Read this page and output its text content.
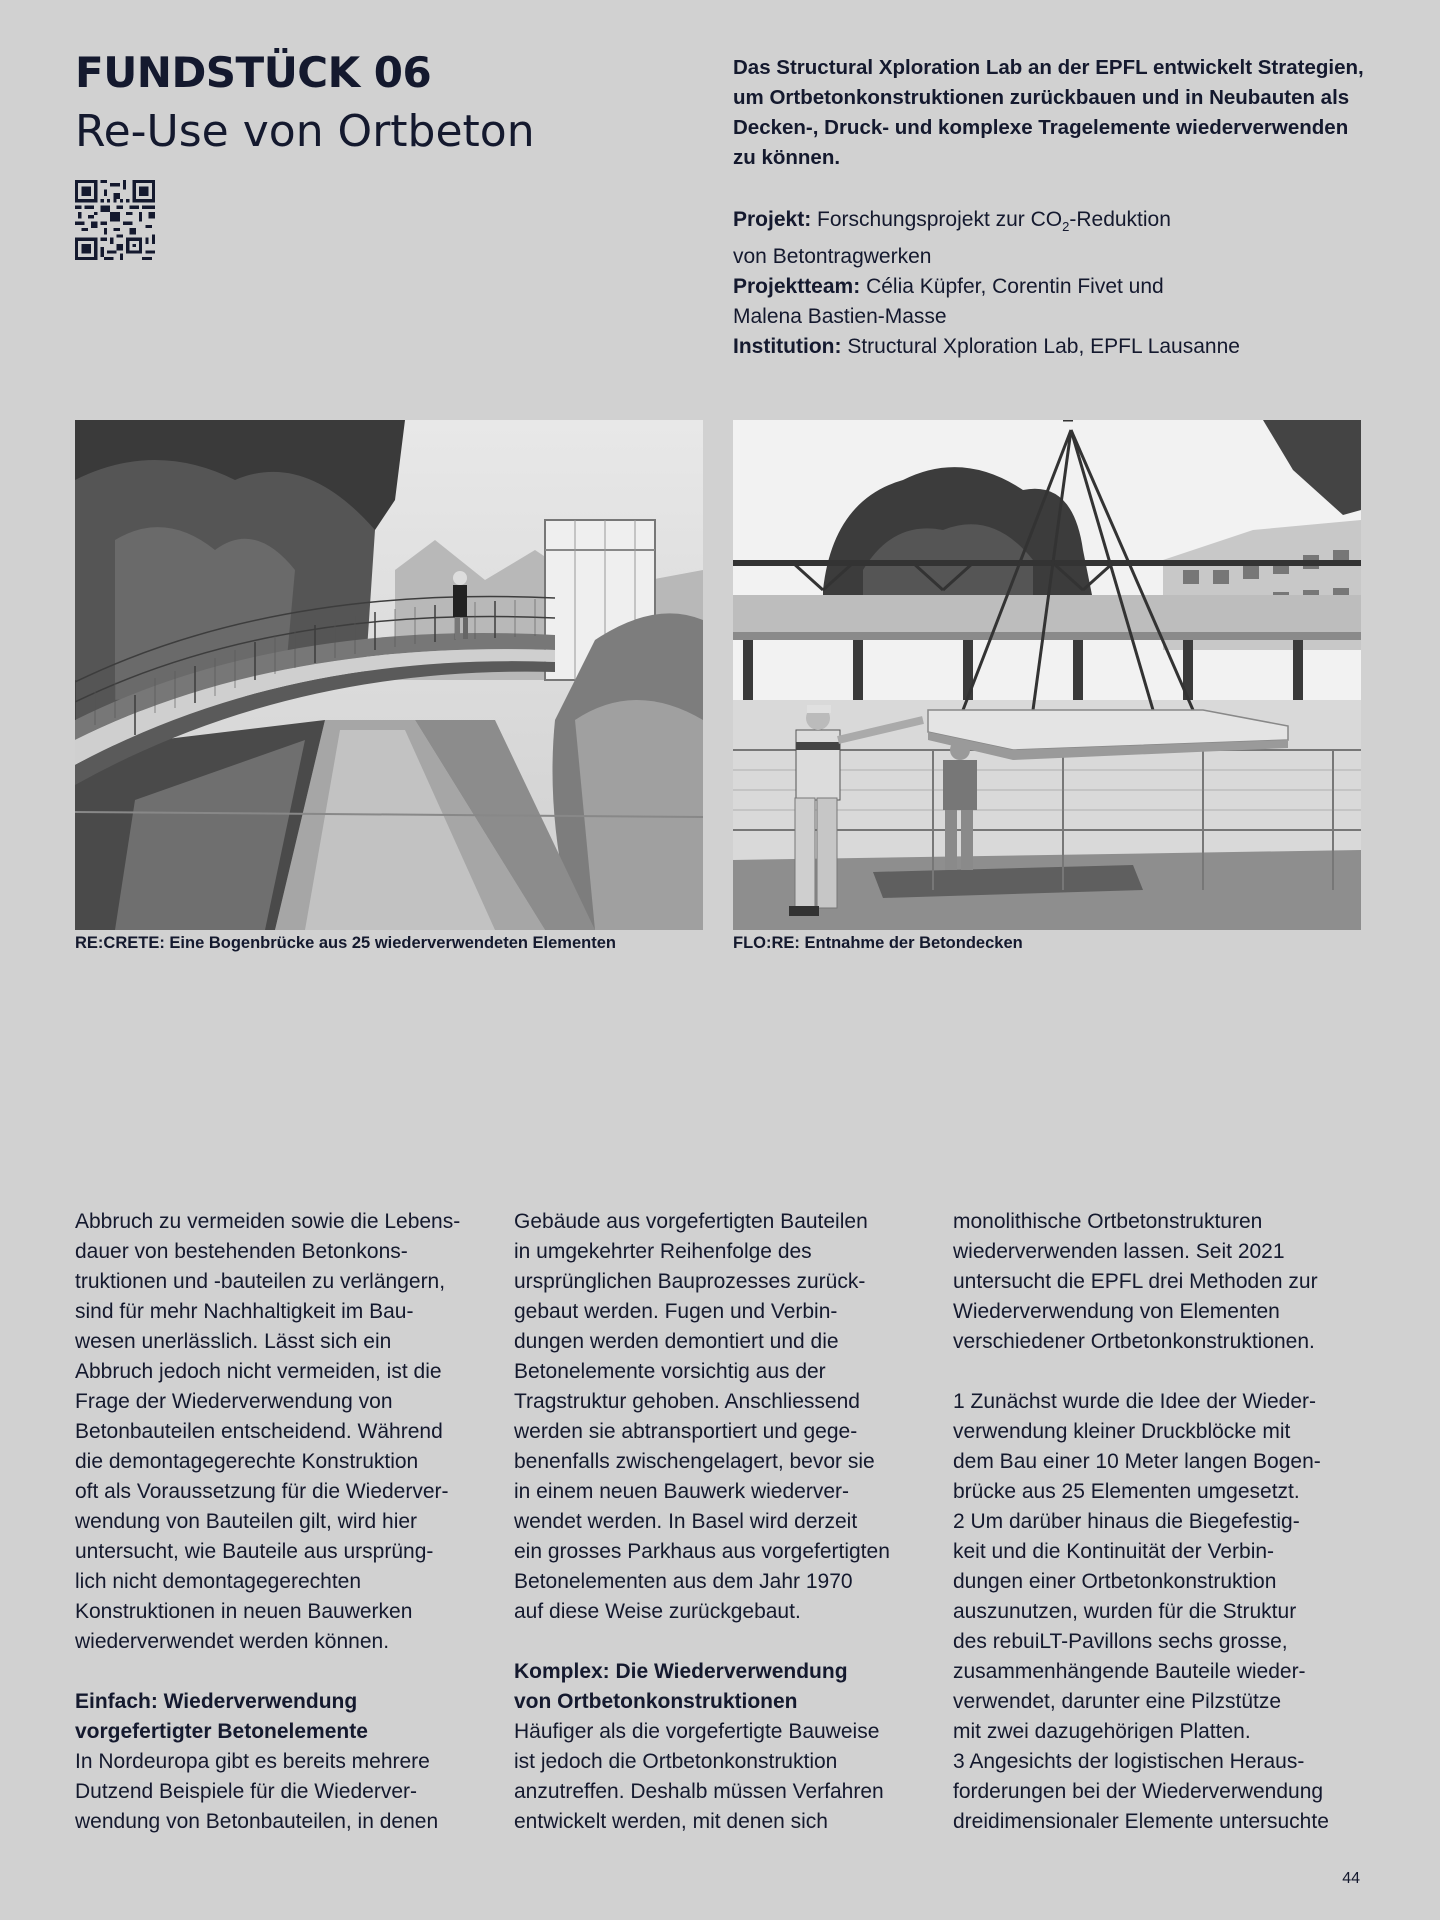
FUNDSTÜCK 06
Re-Use von Ortbeton

Das Structural Xploration Lab an der EPFL entwickelt Strategien, um Ortbetonkonstruktionen zurückbauen und in Neubauten als Decken-, Druck- und komplexe Tragelemente wiederverwenden zu können.

Projekt: Forschungsprojekt zur $CO_2$-Reduktion
von Betontragwerken
Projektteam: Célia Küpfer, Corentin Fivet und
Malena Bastien-Masse
Institution: Structural Xploration Lab, EPFL Lausanne

RE:CRETE: Eine Bogenbrücke aus 25 wiederverwendeten Elementen	FLO:RE: Entnahme der Betondecken

Abbruch zu vermeiden sowie die Lebens-
dauer von bestehenden Betonkons-
truktionen und -bauteilen zu verlängern,
sind für mehr Nachhaltigkeit im Bau-
wesen unerlässlich. Lässt sich ein
Abbruch jedoch nicht vermeiden, ist die
Frage der Wiederverwendung von
Betonbauteilen entscheidend. Während
die demontagegerechte Konstruktion
oft als Voraussetzung für die Wiederver-
wendung von Bauteilen gilt, wird hier
untersucht, wie Bauteile aus ursprüng-
lich nicht demontagegerechten
Konstruktionen in neuen Bauwerken
wiederverwendet werden können.
Einfach: Wiederverwendung
vorgefertigter Betonelemente
In Nordeuropa gibt es bereits mehrere
Dutzend Beispiele für die Wiederver-
wendung von Betonbauteilen, in denen
Gebäude aus vorgefertigten Bauteilen
in umgekehrter Reihenfolge des
ursprünglichen Bauprozesses zurück-
gebaut werden. Fugen und Verbin-
dungen werden demontiert und die
Betonelemente vorsichtig aus der
Tragstruktur gehoben. Anschliessend
werden sie abtransportiert und gege-
benenfalls zwischengelagert, bevor sie
in einem neuen Bauwerk wiederver-
wendet werden. In Basel wird derzeit
ein grosses Parkhaus aus vorgefertigten
Betonelementen aus dem Jahr 1970
auf diese Weise zurückgebaut.
Komplex: Die Wiederverwendung
von Ortbetonkonstruktionen
Häufiger als die vorgefertigte Bauweise
ist jedoch die Ortbetonkonstruktion
anzutreffen. Deshalb müssen Verfahren
entwickelt werden, mit denen sich
monolithische Ortbetonstrukturen
wiederverwenden lassen. Seit 2021
untersucht die EPFL drei Methoden zur
Wiederverwendung von Elementen
verschiedener Ortbetonkonstruktionen.
1 Zunächst wurde die Idee der Wieder-
verwendung kleiner Druckblöcke mit
dem Bau einer 10 Meter langen Bogen-
brücke aus 25 Elementen umgesetzt.
2 Um darüber hinaus die Biegefestig-
keit und die Kontinuität der Verbin-
dungen einer Ortbetonkonstruktion
auszunutzen, wurden für die Struktur
des rebuiLT-Pavillons sechs grosse,
zusammenhängende Bauteile wieder-
verwendet, darunter eine Pilzstütze
mit zwei dazugehörigen Platten.
3 Angesichts der logistischen Heraus-
forderungen bei der Wiederverwendung
dreidimensionaler Elemente untersuchte

44
